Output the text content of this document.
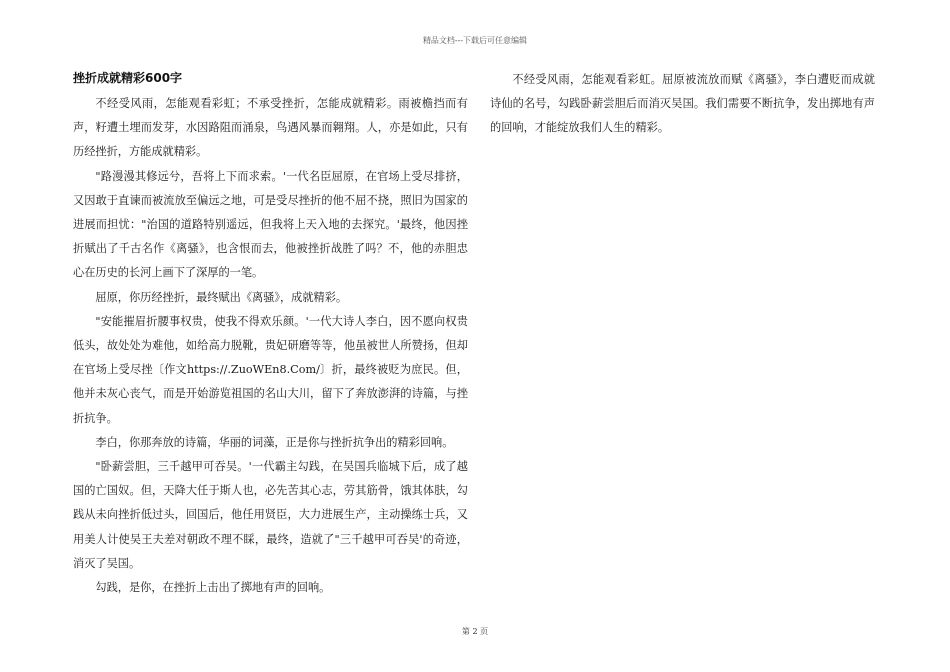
精品文档---下载后可任意编辑
挫折成就精彩600字

不经受风雨，怎能观看彩虹；不承受挫折，怎能成就精彩。雨被檐挡而有声，籽遭土埋而发芽，水因路阻而涌泉，鸟遇风暴而翱翔。人，亦是如此，只有历经挫折，方能成就精彩。

"路漫漫其修远兮，吾将上下而求索。'一代名臣屈原，在官场上受尽排挤，又因敢于直谏而被流放至偏远之地，可是受尽挫折的他不屈不挠，照旧为国家的进展而担忧："治国的道路特别遥远，但我将上天入地的去探究。'最终，他因挫折赋出了千古名作《离骚》，也含恨而去，他被挫折战胜了吗？不，他的赤胆忠心在历史的长河上画下了深厚的一笔。

屈原，你历经挫折，最终赋出《离骚》，成就精彩。

"安能摧眉折腰事权贵，使我不得欢乐颜。'一代大诗人李白，因不愿向权贵低头，故处处为难他，如给高力脱靴，贵妃研磨等等，他虽被世人所赞扬，但却在官场上受尽挫〔作文https://.ZuoWEn8.Com/〕折，最终被贬为庶民。但，他并未灰心丧气，而是开始游览祖国的名山大川，留下了奔放澎湃的诗篇，与挫折抗争。

李白，你那奔放的诗篇，华丽的词藻，正是你与挫折抗争出的精彩回响。

"卧薪尝胆，三千越甲可吞吴。'一代霸主勾践，在吴国兵临城下后，成了越国的亡国奴。但，天降大任于斯人也，必先苦其心志，劳其筋骨，饿其体肤，勾践从未向挫折低过头，回国后，他任用贤臣，大力进展生产，主动操练士兵，又用美人计使吴王夫差对朝政不理不睬，最终，造就了"三千越甲可吞吴'的奇迹，消灭了吴国。

勾践，是你，在挫折上击出了掷地有声的回响。

不经受风雨，怎能观看彩虹。屈原被流放而赋《离骚》，李白遭贬而成就诗仙的名号，勾践卧薪尝胆后而消灭吴国。我们需要不断抗争，发出掷地有声的回响，才能绽放我们人生的精彩。

第 2 页
